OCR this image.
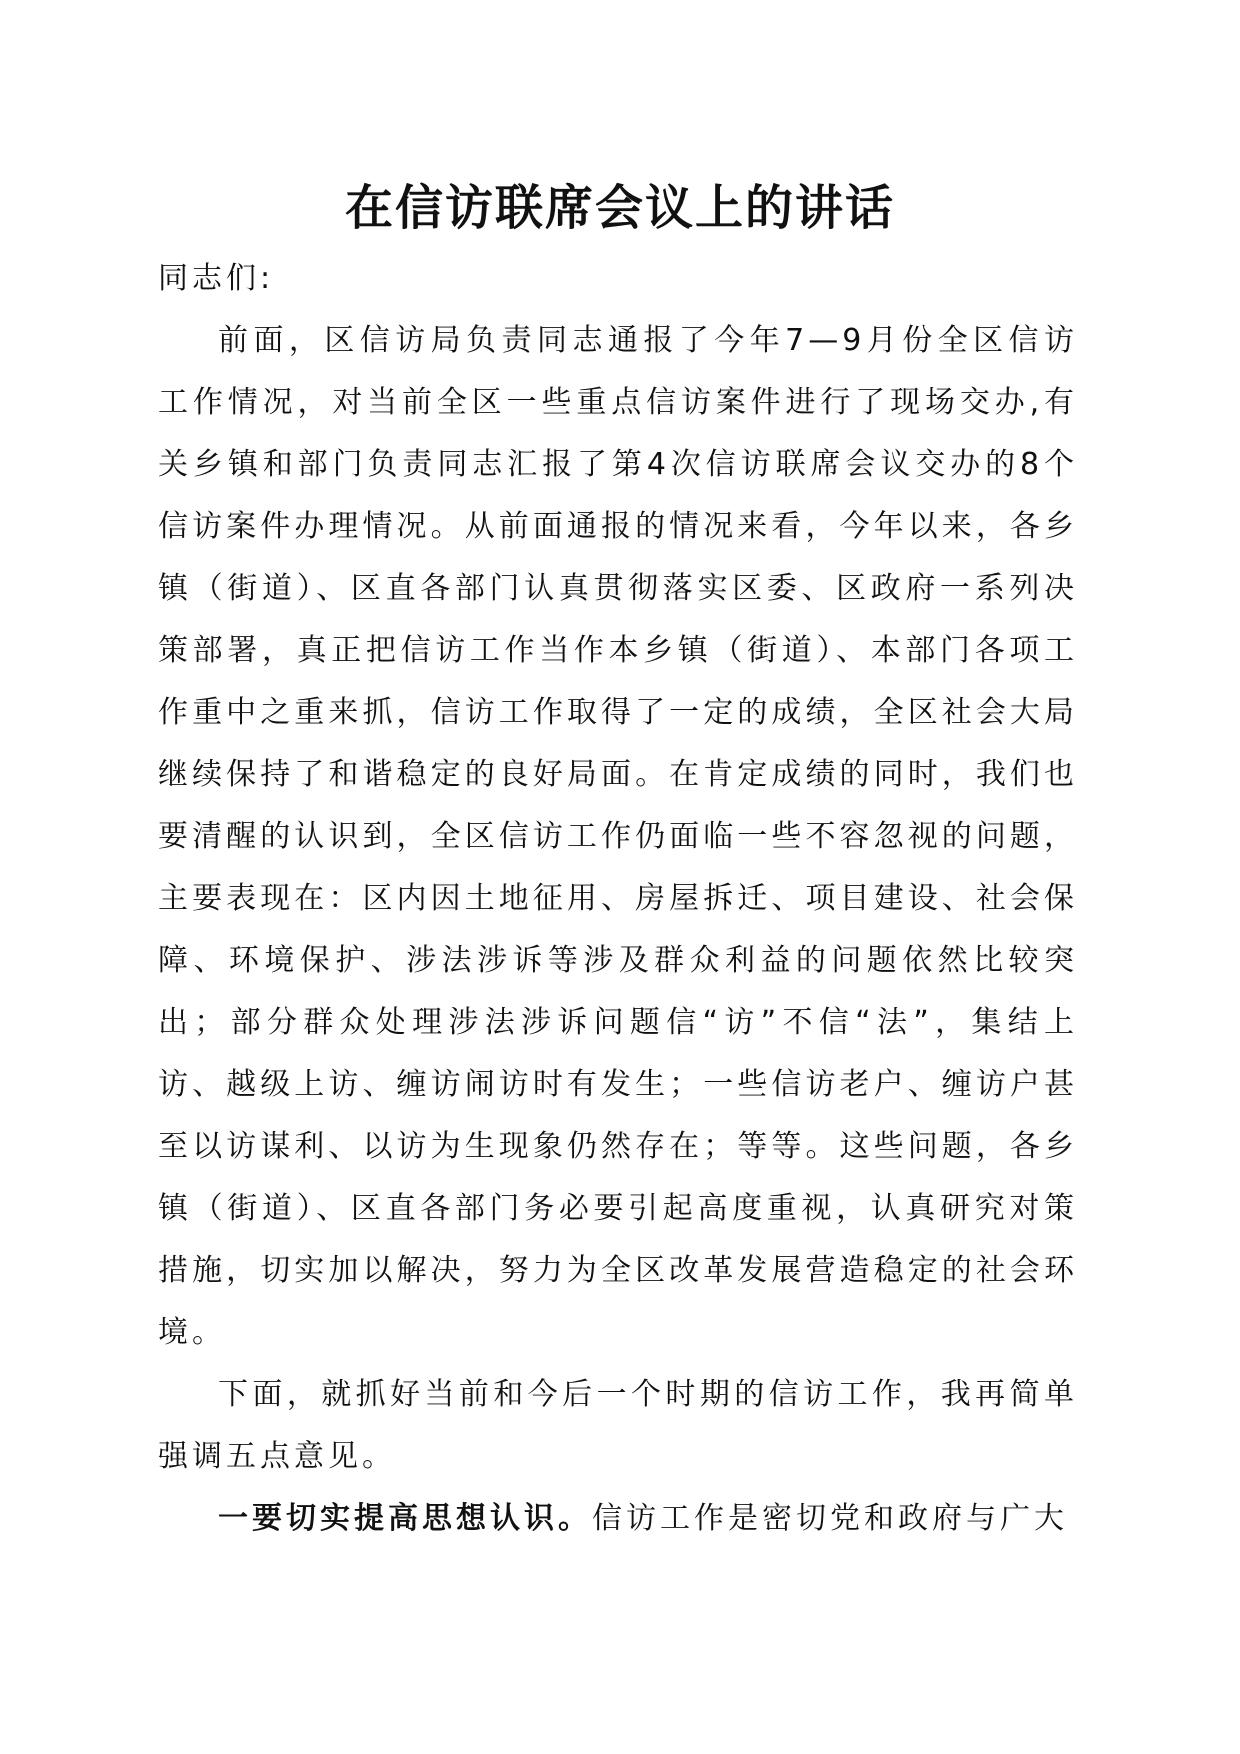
在信访联席会议上的讲话

同志们:

前面，区信访局负责同志通报了今年7—9月份全区信访工作情况，对当前全区一些重点信访案件进行了现场交办,有关乡镇和部门负责同志汇报了第4次信访联席会议交办的8个信访案件办理情况。从前面通报的情况来看，今年以来，各乡镇（街道）、区直各部门认真贯彻落实区委、区政府一系列决策部署，真正把信访工作当作本乡镇（街道）、本部门各项工作重中之重来抓，信访工作取得了一定的成绩，全区社会大局继续保持了和谐稳定的良好局面。在肯定成绩的同时，我们也要清醒的认识到，全区信访工作仍面临一些不容忽视的问题，主要表现在：区内因土地征用、房屋拆迁、项目建设、社会保障、环境保护、涉法涉诉等涉及群众利益的问题依然比较突出；部分群众处理涉法涉诉问题信“访”不信“法”，集结上访、越级上访、缠访闹访时有发生；一些信访老户、缠访户甚至以访谋利、以访为生现象仍然存在；等等。这些问题，各乡镇（街道）、区直各部门务必要引起高度重视，认真研究对策措施，切实加以解决，努力为全区改革发展营造稳定的社会环境。

下面，就抓好当前和今后一个时期的信访工作，我再简单强调五点意见。

一要切实提高思想认识。信访工作是密切党和政府与广大
